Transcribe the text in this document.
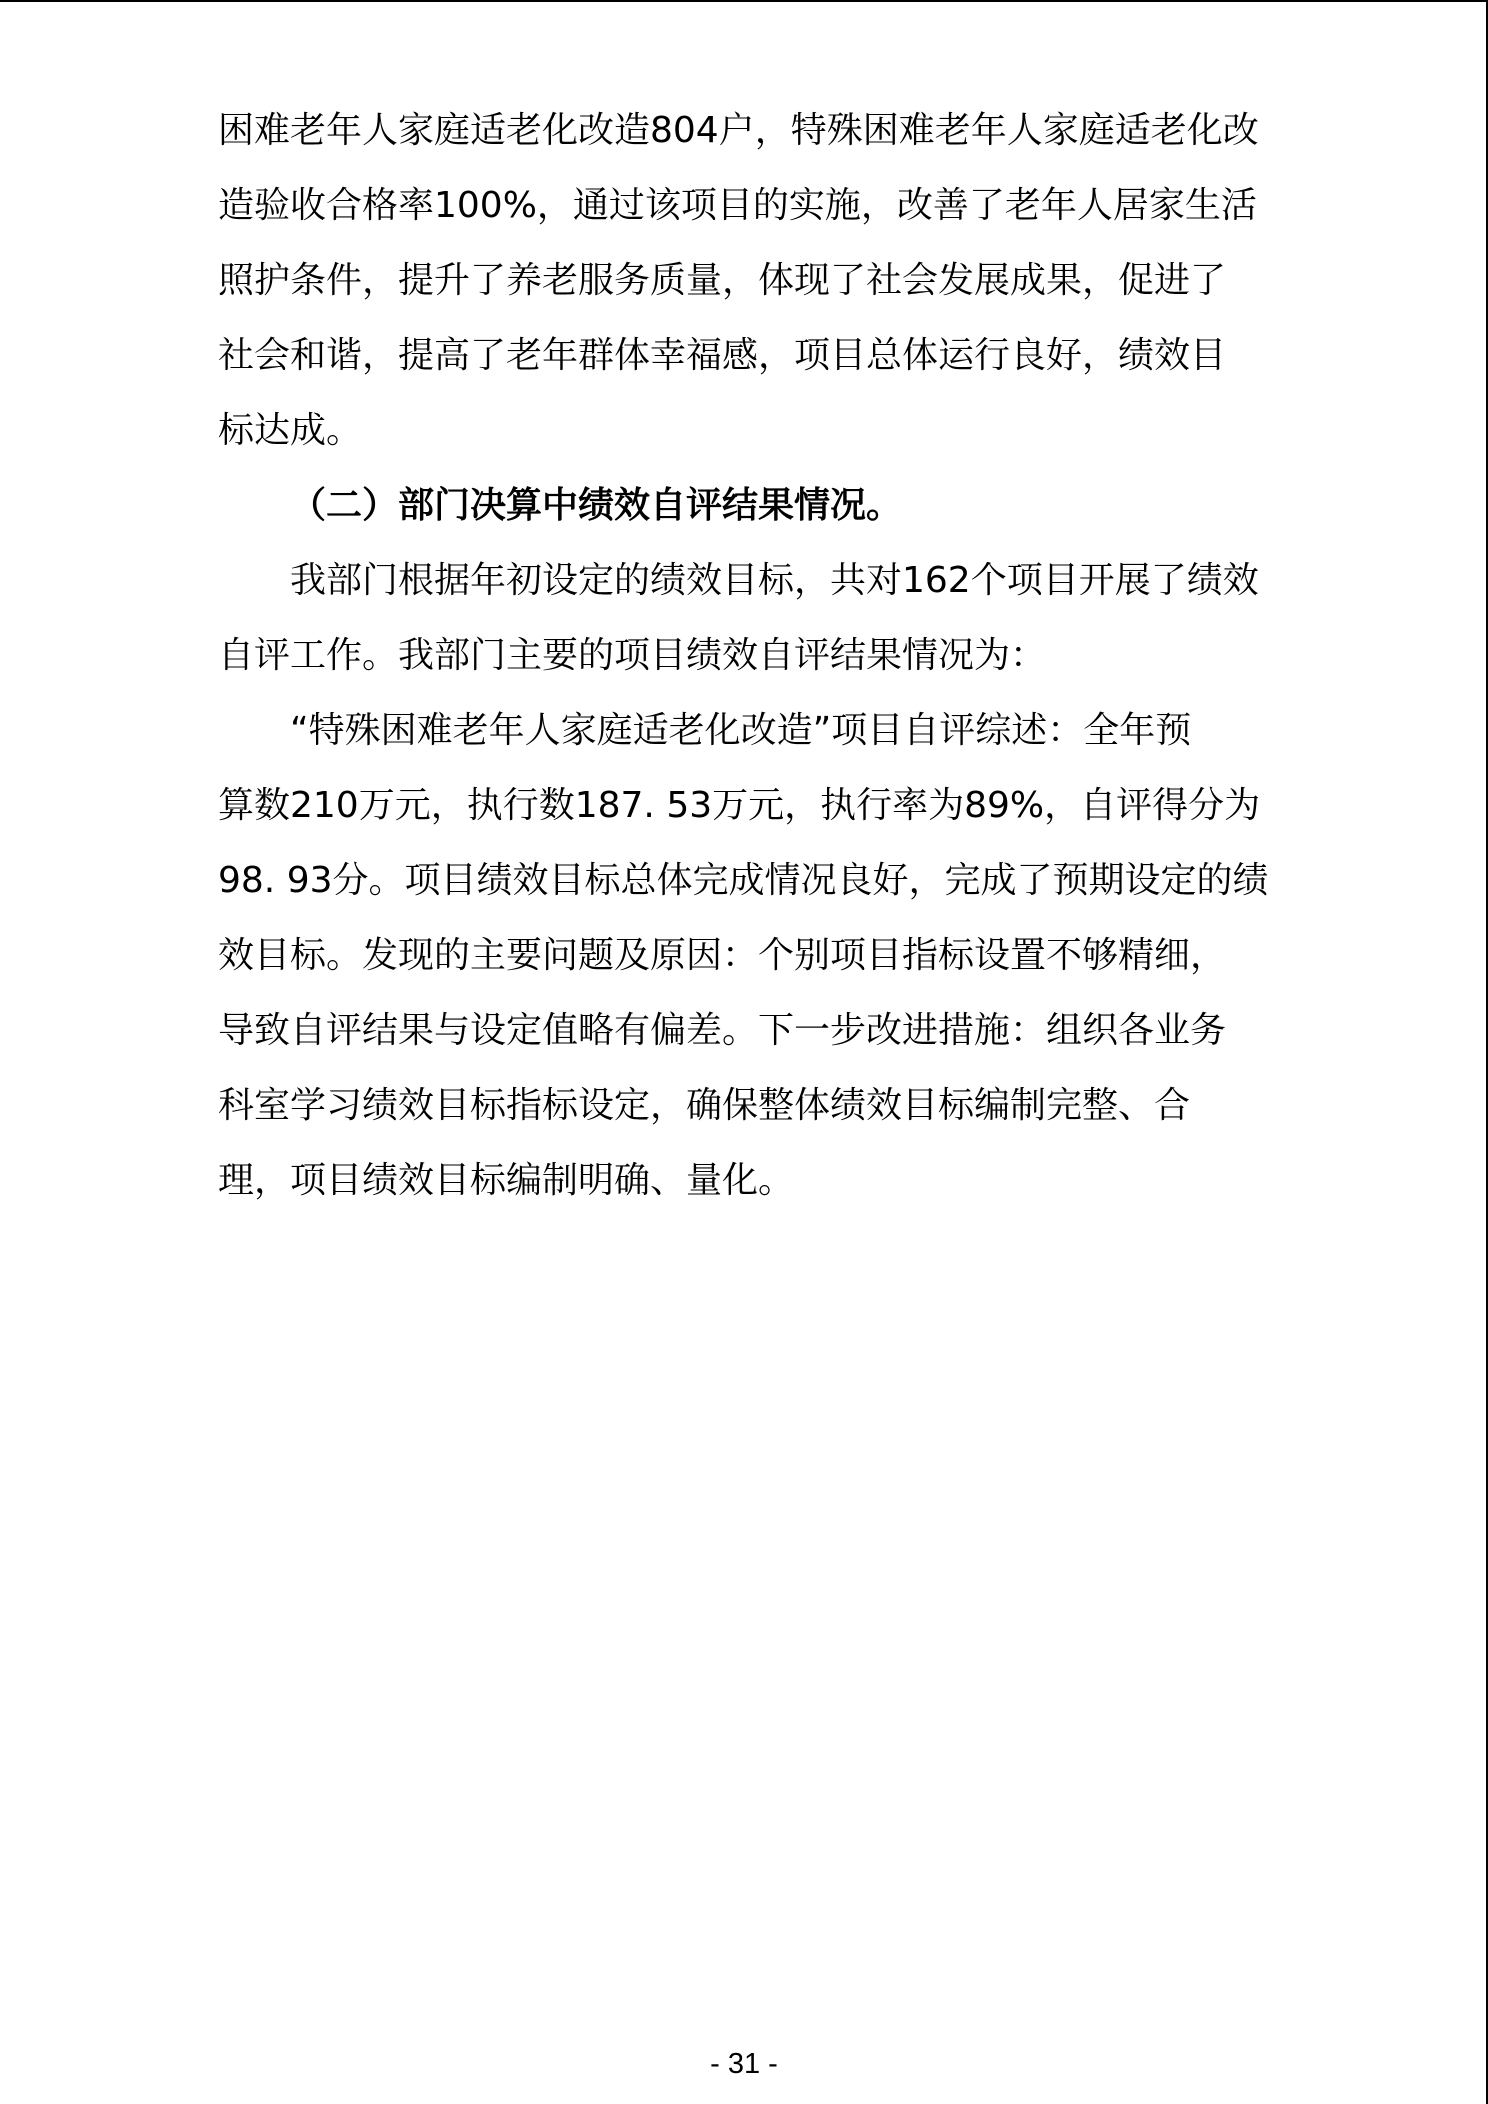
困难老年人家庭适老化改造804户，特殊困难老年人家庭适老化改
造验收合格率100%，通过该项目的实施，改善了老年人居家生活
照护条件，提升了养老服务质量，体现了社会发展成果，促进了
社会和谐，提高了老年群体幸福感，项目总体运行良好，绩效目
标达成。
（二）部门决算中绩效自评结果情况。
我部门根据年初设定的绩效目标，共对162个项目开展了绩效
自评工作。我部门主要的项目绩效自评结果情况为：
“特殊困难老年人家庭适老化改造”项目自评综述：全年预
算数210万元，执行数187. 53万元，执行率为89%，自评得分为
98. 93分。项目绩效目标总体完成情况良好，完成了预期设定的绩
效目标。发现的主要问题及原因：个别项目指标设置不够精细，
导致自评结果与设定值略有偏差。下一步改进措施：组织各业务
科室学习绩效目标指标设定，确保整体绩效目标编制完整、合
理，项目绩效目标编制明确、量化。
- 31 -
